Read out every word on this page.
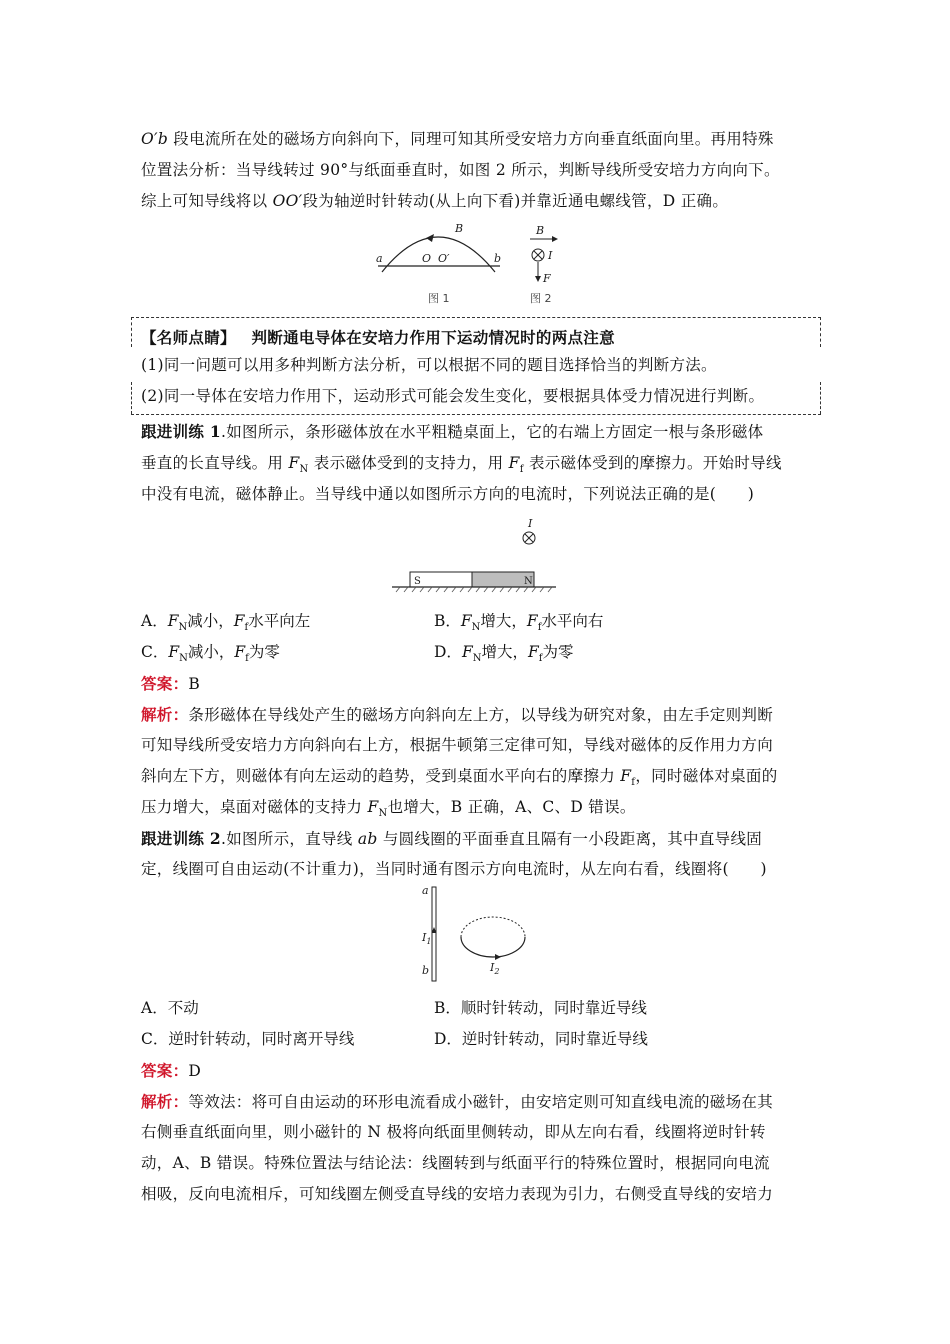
O′b 段电流所在处的磁场方向斜向下，同理可知其所受安培力方向垂直纸面向里。再用特殊
位置法分析：当导线转过 90°与纸面垂直时，如图 2 所示，判断导线所受安培力方向向下。
综上可知导线将以 OO′段为轴逆时针转动(从上向下看)并靠近通电螺线管，D 正确。
a	b
O O′
B
图 1
B
I
F
图 2
【名师点睛】 判断通电导体在安培力作用下运动情况时的两点注意
(1)同一问题可以用多种判断方法分析，可以根据不同的题目选择恰当的判断方法。
(2)同一导体在安培力作用下，运动形式可能会发生变化，要根据具体受力情况进行判断。
跟进训练 1.如图所示，条形磁体放在水平粗糙桌面上，它的右端上方固定一根与条形磁体
垂直的长直导线。用 $F_N$ 表示磁体受到的支持力，用 $F_f$ 表示磁体受到的摩擦力。开始时导线
中没有电流，磁体静止。当导线中通以如图所示方向的电流时，下列说法正确的是(　　)
I
S	N
A．$F_N$减小，$F_f$水平向左	B．$F_N$增大，$F_f$水平向右
C．$F_N$减小，$F_f$为零	D．$F_N$增大，$F_f$为零
答案：B
解析：条形磁体在导线处产生的磁场方向斜向左上方，以导线为研究对象，由左手定则判断
可知导线所受安培力方向斜向右上方，根据牛顿第三定律可知，导线对磁体的反作用力方向
斜向左下方，则磁体有向左运动的趋势，受到桌面水平向右的摩擦力 $F_f$，同时磁体对桌面的
压力增大，桌面对磁体的支持力 $F_N$也增大，B 正确，A、C、D 错误。
跟进训练 2.如图所示，直导线 ab 与圆线圈的平面垂直且隔有一小段距离，其中直导线固
定，线圈可自由运动(不计重力)，当同时通有图示方向电流时，从左向右看，线圈将(　　)
a
b
$I_1$
$I_2$
A．不动	B．顺时针转动，同时靠近导线
C．逆时针转动，同时离开导线	D．逆时针转动，同时靠近导线
答案：D
解析：等效法：将可自由运动的环形电流看成小磁针，由安培定则可知直线电流的磁场在其
右侧垂直纸面向里，则小磁针的 N 极将向纸面里侧转动，即从左向右看，线圈将逆时针转
动，A、B 错误。特殊位置法与结论法：线圈转到与纸面平行的特殊位置时，根据同向电流
相吸，反向电流相斥，可知线圈左侧受直导线的安培力表现为引力，右侧受直导线的安培力
